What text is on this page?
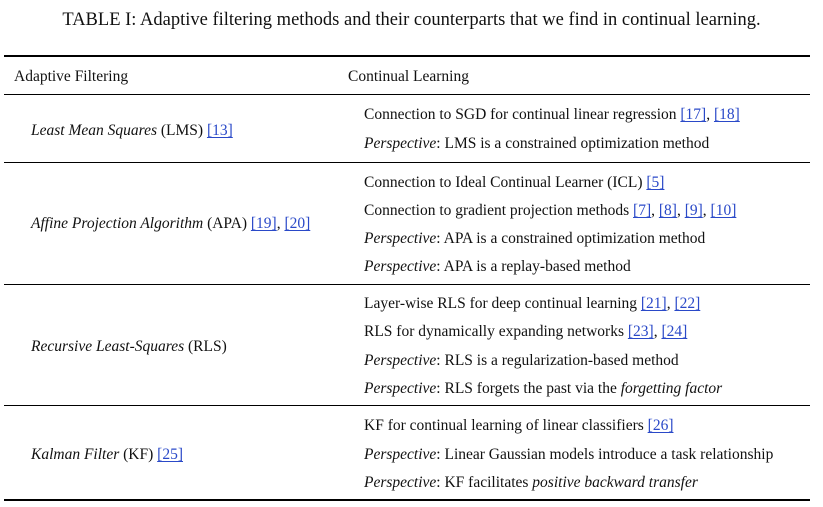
TABLE I: Adaptive filtering methods and their counterparts that we find in continual learning.
Adaptive Filtering	Continual Learning
Least Mean Squares (LMS) [13]
Connection to SGD for continual linear regression [17], [18]
Perspective: LMS is a constrained optimization method
Affine Projection Algorithm (APA) [19], [20]
Connection to Ideal Continual Learner (ICL) [5]
Connection to gradient projection methods [7], [8], [9], [10]
Perspective: APA is a constrained optimization method
Perspective: APA is a replay-based method
Recursive Least-Squares (RLS)
Layer-wise RLS for deep continual learning [21], [22]
RLS for dynamically expanding networks [23], [24]
Perspective: RLS is a regularization-based method
Perspective: RLS forgets the past via the forgetting factor
Kalman Filter (KF) [25]
KF for continual learning of linear classifiers [26]
Perspective: Linear Gaussian models introduce a task relationship
Perspective: KF facilitates positive backward transfer
